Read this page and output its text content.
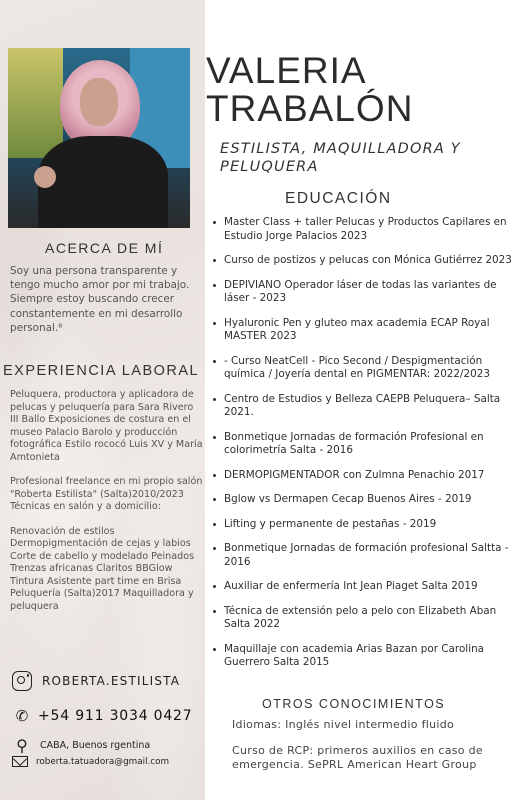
VALERIA
TRABALÓN
ESTILISTA, MAQUILLADORA Y PELUQUERA
ACERCA DE MÍ
Soy una persona transparente y tengo mucho amor por mi trabajo. Siempre estoy buscando crecer constantemente en mi desarrollo personal.⁸
EXPERIENCIA LABORAL

Peluquera, productora y aplicadora de pelucas y peluquería para Sara Rivero III Ballo Exposiciones de costura en el museo Palacio Barolo y producción fotográfica Estilo rococó Luis XV y María Amtonieta

Profesional freelance en mi propio salón "Roberta Estilista" (Salta)2010/2023 Técnicas en salón y a domicilio:

Renovación de estilos Dermopigmentación de cejas y labios Corte de cabello y modelado Peinados Trenzas africanas Claritos BBGlow Tintura Asistente part time en Brisa Peluquería (Salta)2017 Maquilladora y peluquera

ROBERTA.ESTILISTA
✆ +54 911 3034 0427
⚲	CABA, Buenos rgentina
roberta.tatuadora@gmail.com
EDUCACIÓN
Master Class + taller Pelucas y Productos Capilares en Estudio Jorge Palacios 2023
Curso de postizos y pelucas con Mónica Gutiérrez 2023
DEPIVIANO Operador láser de todas las variantes de láser - 2023
Hyaluronic Pen y gluteo max academia ECAP Royal MASTER 2023
- Curso NeatCell - Pico Second / Despigmentación química / Joyería dental en PIGMENTAR: 2022/2023
Centro de Estudios y Belleza CAEPB Peluquera– Salta 2021.
Bonmetique Jornadas de formación Profesional en colorimetría Salta - 2016
DERMOPIGMENTADOR con Zulmna Penachio 2017
Bglow vs Dermapen Cecap Buenos Aires - 2019
Lifting y permanente de pestañas - 2019
Bonmetique Jornadas de formación profesional Saltta - 2016
Auxiliar de enfermería Int Jean Piaget Salta 2019
Técnica de extensión pelo a pelo con Elizabeth Aban Salta 2022
Maquillaje con academia Arias Bazan por Carolina Guerrero Salta 2015
OTROS CONOCIMIENTOS
Idiomas: Inglés nivel intermedio fluido
Curso de RCP: primeros auxilios en caso de emergencia. SePRL American Heart Group
